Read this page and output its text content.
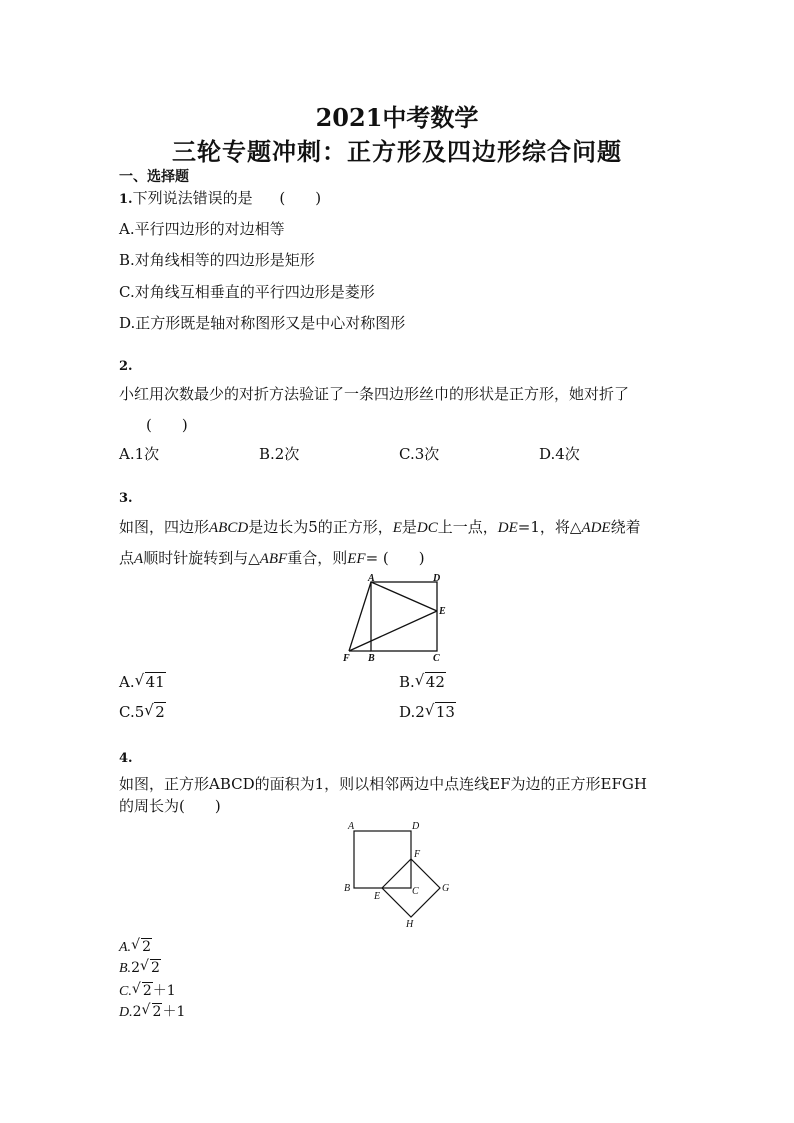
2021中考数学
三轮专题冲刺：正方形及四边形综合问题
一、选择题
1.下列说法错误的是 (　　)
A.平行四边形的对边相等
B.对角线相等的四边形是矩形
C.对角线互相垂直的平行四边形是菱形
D.正方形既是轴对称图形又是中心对称图形
2.
小红用次数最少的对折方法验证了一条四边形丝巾的形状是正方形，她对折了
(　　)
A.1次	B.2次	C.3次	D.4次
3.
如图，四边形ABCD是边长为5的正方形，E是DC上一点，DE=1，将△ADE绕着
点A顺时针旋转到与△ABF重合，则EF= (　　)
A	D
E
F B	C
A. √ 41	B. √ 42
C.5 √ 2	D.2 √ 13
4.
如图，正方形ABCD的面积为1，则以相邻两边中点连线EF为边的正方形EFGH
的周长为(　　)
A	D
F
B
E	C G
H
A. √ 2
B.2 √ 2
C. √ 2＋1
D.2 √ 2＋1
